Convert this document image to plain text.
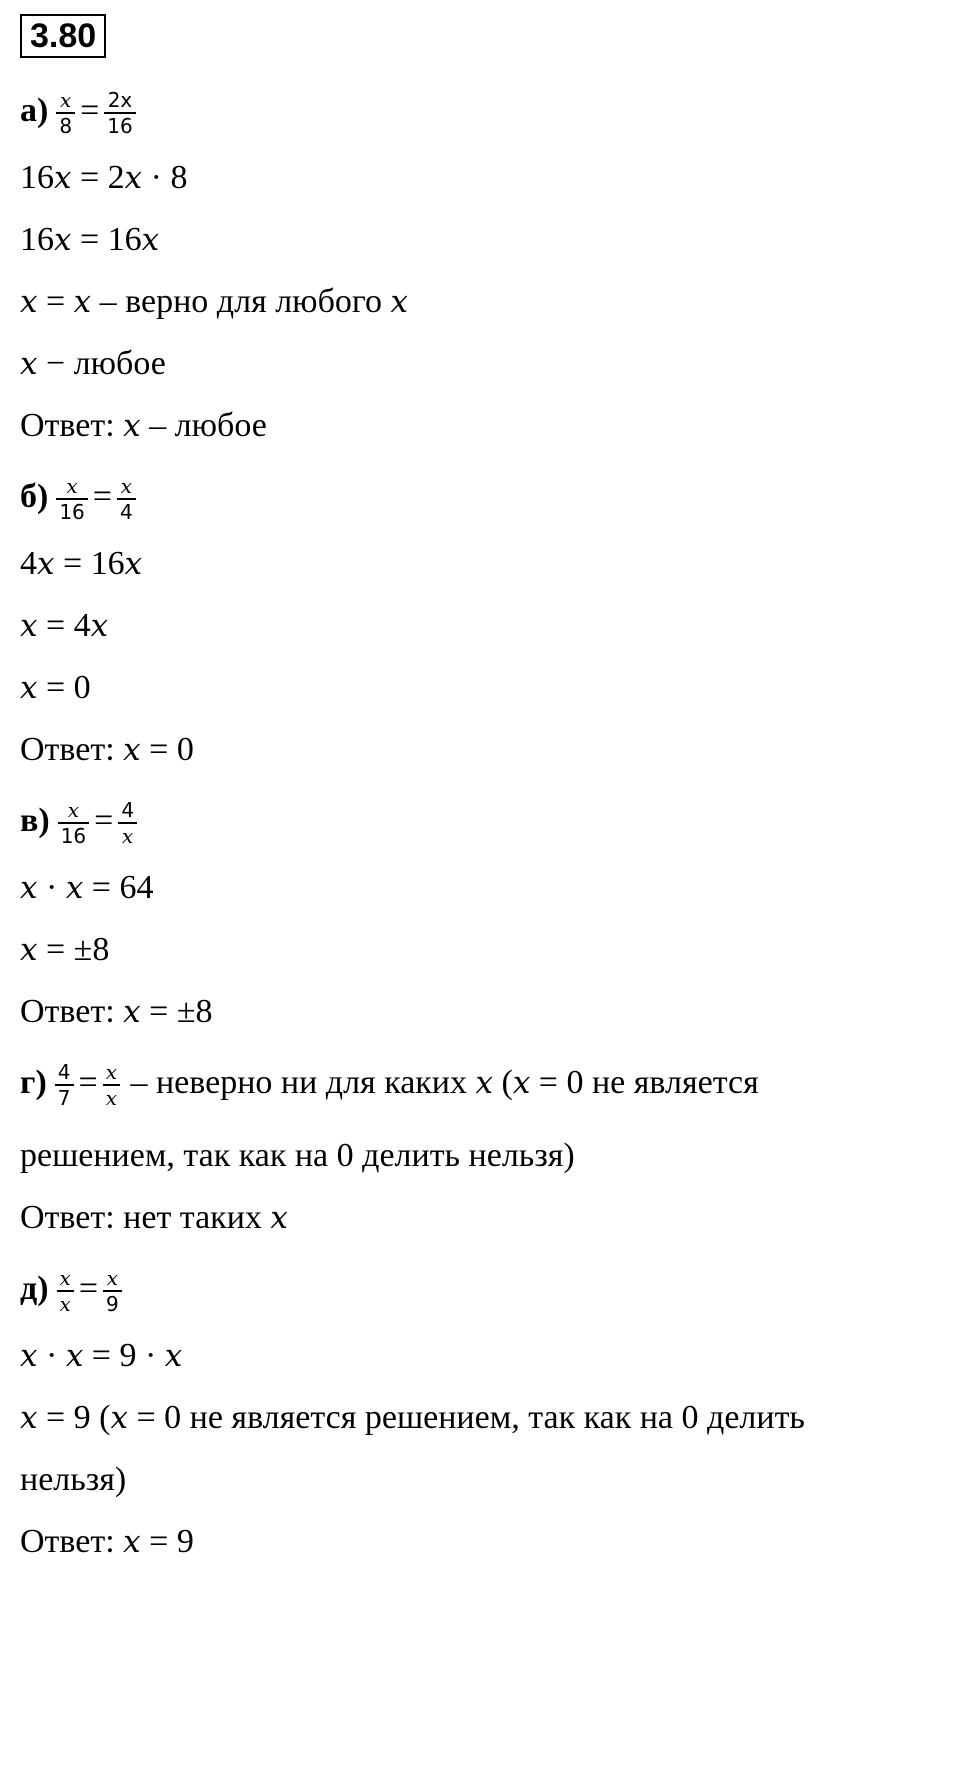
3.80
$а) \frac{x}{8} = \frac{2x}{16}$
16x = 2x · 8
16x = 16x
x = x – верно для любого x
x − любое
Ответ: x – любое
$б) \frac{x}{16} = \frac{x}{4}$
4x = 16x
x = 4x
x = 0
Ответ: x = 0
$в) \frac{x}{16} = \frac{4}{x}$
x · x = 64
x = ±8
Ответ: x = ±8
$г) \frac{4}{7} = \frac{x}{x}$ – неверно ни для каких x (x = 0 не является
решением, так как на 0 делить нельзя)
Ответ: нет таких x
$д) \frac{x}{x} = \frac{x}{9}$
x · x = 9 · x
x = 9 (x = 0 не является решением, так как на 0 делить
нельзя)
Ответ: x = 9
